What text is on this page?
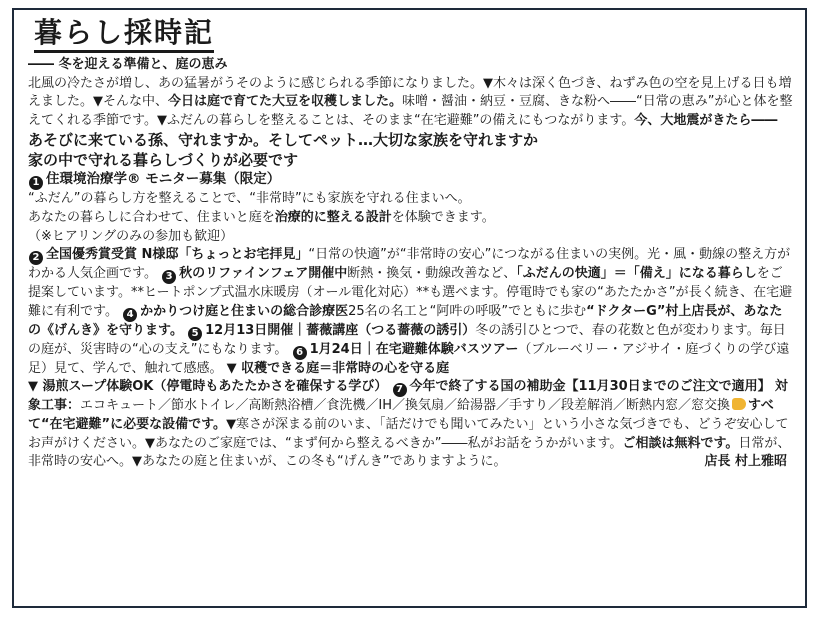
暮らし採時記

―― 冬を迎える準備と、庭の恵み

北風の冷たさが増し、あの猛暑がうそのように感じられる季節になりました。▼木々は深く色づき、ねずみ色の空を見上げる日も増えました。▼そんな中、今日は庭で育てた大豆を収穫しました。味噌・醤油・納豆・豆腐、きな粉へ――“日常の恵み”が心と体を整えてくれる季節です。▼ふだんの暮らしを整えることは、そのまま“在宅避難”の備えにもつながります。今、大地震がきたら――

あそびに来ている孫、守れますか。そしてペット…大切な家族を守れますか

家の中で守れる暮らしづくりが必要です

1 住環境治療学® モニター募集（限定）

“ふだん”の暮らし方を整えることで、“非常時”にも家族を守れる住まいへ。

あなたの暮らしに合わせて、住まいと庭を治療的に整える設計を体験できます。

（※ヒアリングのみの参加も歓迎）

2 全国優秀賞受賞 N様邸「ちょっとお宅拝見」“日常の快適”が“非常時の安心”につながる住まいの実例。光・風・動線の整え方がわかる人気企画です。 3 秋のリファインフェア開催中断熱・換気・動線改善など、「ふだんの快適」＝「備え」になる暮らしをご提案しています。**ヒートポンプ式温水床暖房（オール電化対応）**も選べます。停電時でも家の“あたたかさ”が長く続き、在宅避難に有利です。 4 かかりつけ庭と住まいの総合診療医25名の名工と“阿吽の呼吸”でともに歩む“ドクターG”村上店長が、あなたの《げんき》を守ります。 5 12月13日開催｜薔薇講座（つる薔薇の誘引）冬の誘引ひとつで、春の花数と色が変わります。毎日の庭が、災害時の“心の支え”にもなります。 6 1月24日｜在宅避難体験バスツアー（ブルーベリー・アジサイ・庭づくりの学び遠足）見て、学んで、触れて感感。 ▼ 収穫できる庭＝非常時の心を守る庭

▼ 湯煎スープ体験OK（停電時もあたたかさを確保する学び） 7 今年で終了する国の補助金【11月30日までのご注文で適用】 対象工事：エコキュート／節水トイレ／高断熱浴槽／食洗機／IH／換気扇／給湯器／手すり／段差解消／断熱内窓／窓交換 すべて“在宅避難”に必要な設備です。▼寒さが深まる前のいま、「話だけでも聞いてみたい」という小さな気づきでも、どうぞ安心してお声がけください。▼あなたのご家庭では、“まず何から整えるべきか”――私がお話をうかがいます。ご相談は無料です。日常が、非常時の安心へ。▼あなたの庭と住まいが、この冬も“げんき”でありますように。	店長 村上雅昭
